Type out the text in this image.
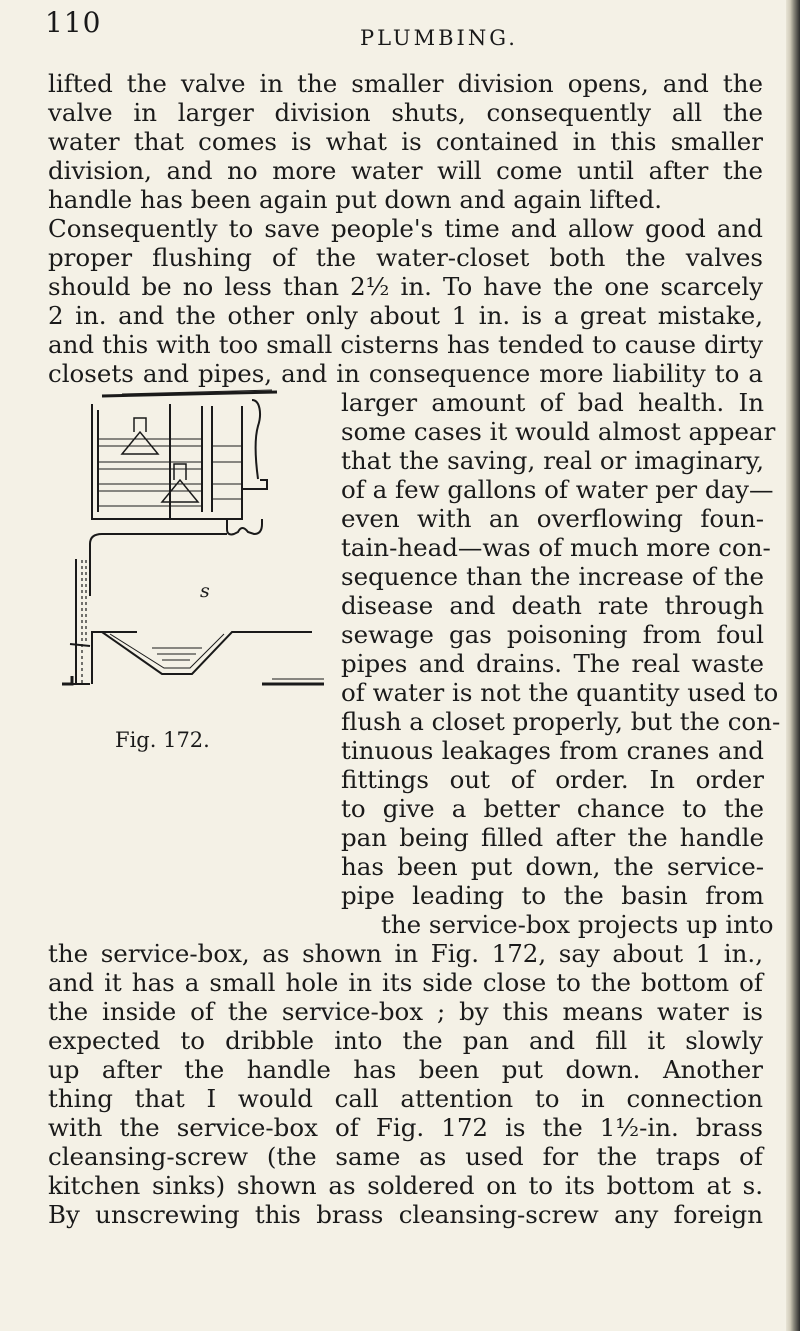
110	PLUMBING.
lifted the valve in the smaller division opens, and the
valve in larger division shuts, consequently all the
water that comes is what is contained in this smaller
division, and no more water will come until after the
handle has been again put down and again lifted.
Consequently to save people's time and allow good and
proper flushing of the water-closet both the valves
should be no less than 2½ in. To have the one scarcely
2 in. and the other only about 1 in. is a great mistake,
and this with too small cisterns has tended to cause dirty
closets and pipes, and in consequence more liability to a
s
Fig. 172.
larger amount of bad health. In
some cases it would almost appear
that the saving, real or imaginary,
of a few gallons of water per day—
even with an overflowing foun-
tain-head—was of much more con-
sequence than the increase of the
disease and death rate through
sewage gas poisoning from foul
pipes and drains. The real waste
of water is not the quantity used to
flush a closet properly, but the con-
tinuous leakages from cranes and
fittings out of order. In order
to give a better chance to the
pan being filled after the handle
has been put down, the service-
pipe leading to the basin from
the service-box projects up into
the service-box, as shown in Fig. 172, say about 1 in.,
and it has a small hole in its side close to the bottom of
the inside of the service-box ; by this means water is
expected to dribble into the pan and fill it slowly
up after the handle has been put down. Another
thing that I would call attention to in connection
with the service-box of Fig. 172 is the 1½-in. brass
cleansing-screw (the same as used for the traps of
kitchen sinks) shown as soldered on to its bottom at s.
By unscrewing this brass cleansing-screw any foreign
